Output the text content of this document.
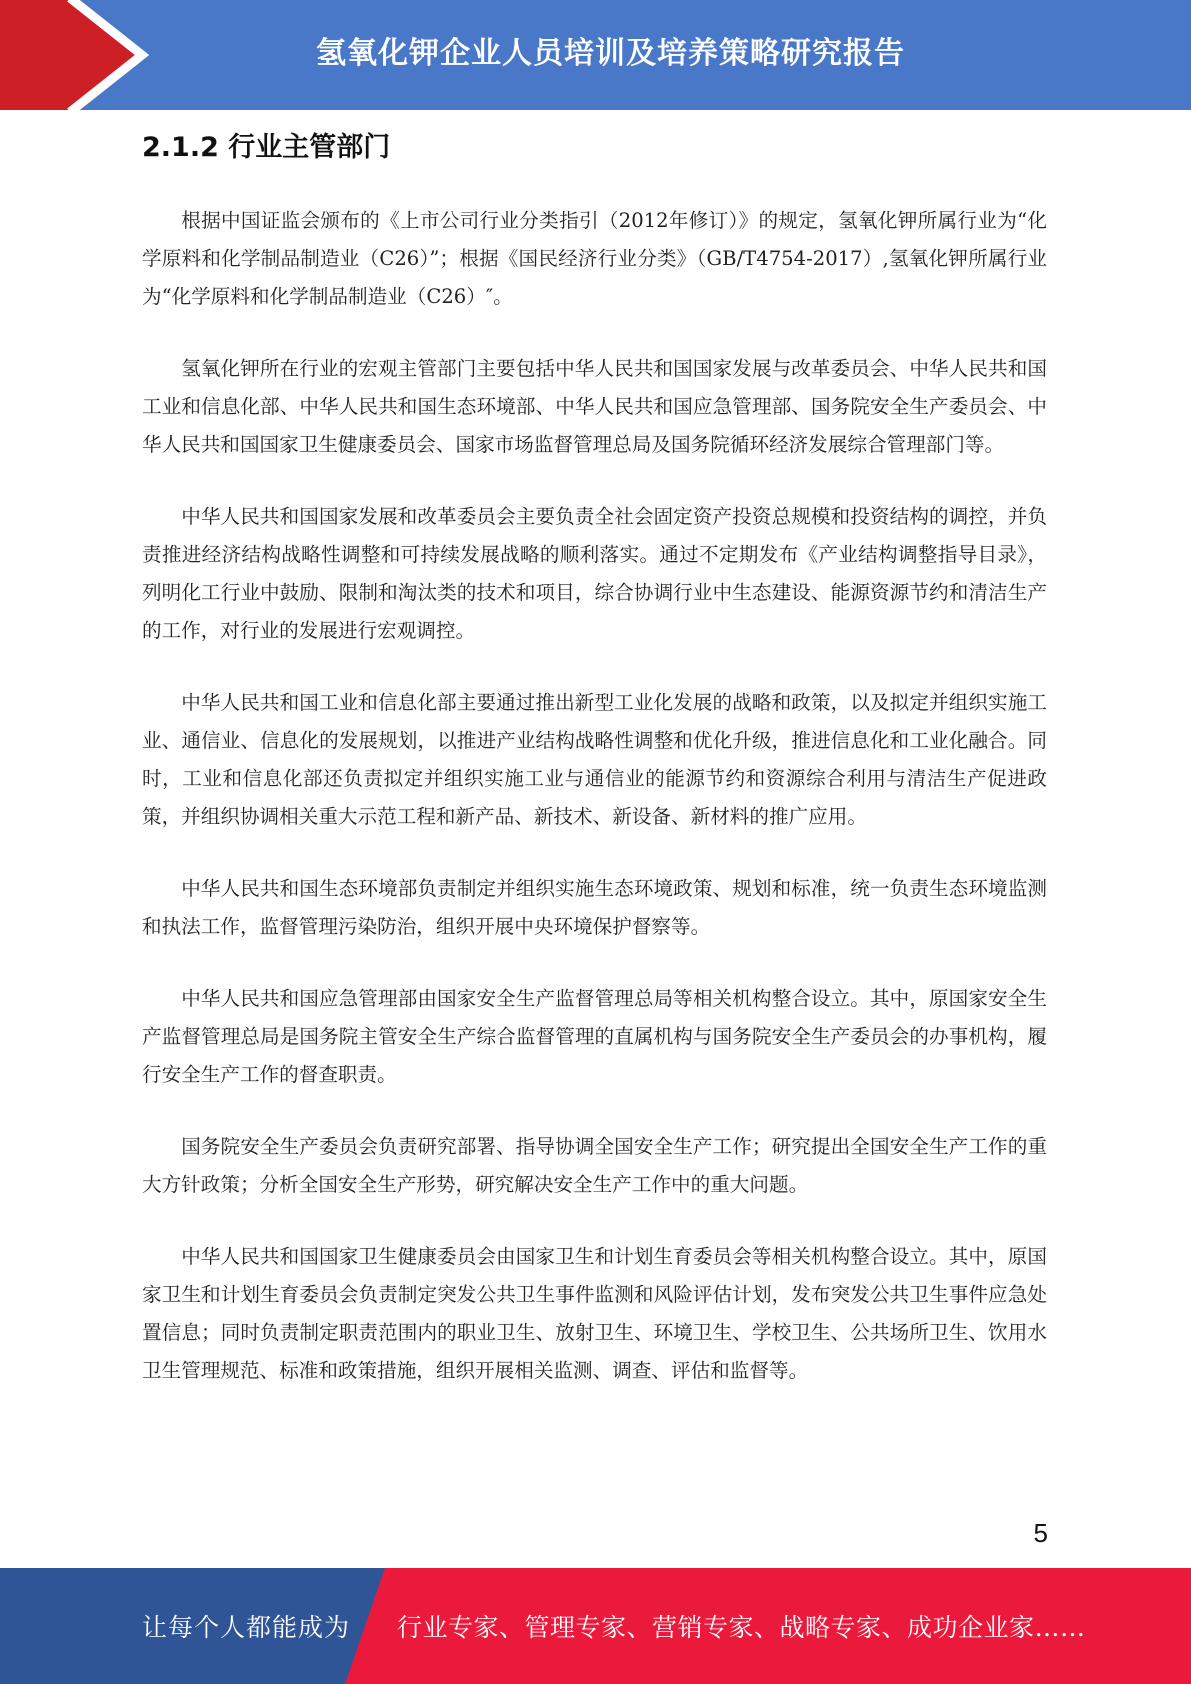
氢氧化钾企业人员培训及培养策略研究报告
2.1.2 行业主管部门

根据中国证监会颁布的《上市公司行业分类指引（2012年修订）》的规定，氢氧化钾所属行业为“化学原料和化学制品制造业（C26）”；根据《国民经济行业分类》（GB/T4754-2017）,氢氧化钾所属行业为“化学原料和化学制品制造业（C26）″。

氢氧化钾所在行业的宏观主管部门主要包括中华人民共和国国家发展与改革委员会、中华人民共和国工业和信息化部、中华人民共和国生态环境部、中华人民共和国应急管理部、国务院安全生产委员会、中华人民共和国国家卫生健康委员会、国家市场监督管理总局及国务院循环经济发展综合管理部门等。

中华人民共和国国家发展和改革委员会主要负责全社会固定资产投资总规模和投资结构的调控，并负责推进经济结构战略性调整和可持续发展战略的顺利落实。通过不定期发布《产业结构调整指导目录》，列明化工行业中鼓励、限制和淘汰类的技术和项目，综合协调行业中生态建设、能源资源节约和清洁生产的工作，对行业的发展进行宏观调控。

中华人民共和国工业和信息化部主要通过推出新型工业化发展的战略和政策，以及拟定并组织实施工业、通信业、信息化的发展规划，以推进产业结构战略性调整和优化升级，推进信息化和工业化融合。同时，工业和信息化部还负责拟定并组织实施工业与通信业的能源节约和资源综合利用与清洁生产促进政策，并组织协调相关重大示范工程和新产品、新技术、新设备、新材料的推广应用。

中华人民共和国生态环境部负责制定并组织实施生态环境政策、规划和标准，统一负责生态环境监测和执法工作，监督管理污染防治，组织开展中央环境保护督察等。

中华人民共和国应急管理部由国家安全生产监督管理总局等相关机构整合设立。其中，原国家安全生产监督管理总局是国务院主管安全生产综合监督管理的直属机构与国务院安全生产委员会的办事机构，履行安全生产工作的督查职责。

国务院安全生产委员会负责研究部署、指导协调全国安全生产工作；研究提出全国安全生产工作的重大方针政策；分析全国安全生产形势，研究解决安全生产工作中的重大问题。

中华人民共和国国家卫生健康委员会由国家卫生和计划生育委员会等相关机构整合设立。其中，原国家卫生和计划生育委员会负责制定突发公共卫生事件监测和风险评估计划，发布突发公共卫生事件应急处置信息；同时负责制定职责范围内的职业卫生、放射卫生、环境卫生、学校卫生、公共场所卫生、饮用水卫生管理规范、标准和政策措施，组织开展相关监测、调查、评估和监督等。

5
让每个人都能成为 行业专家、管理专家、营销专家、战略专家、成功企业家……
